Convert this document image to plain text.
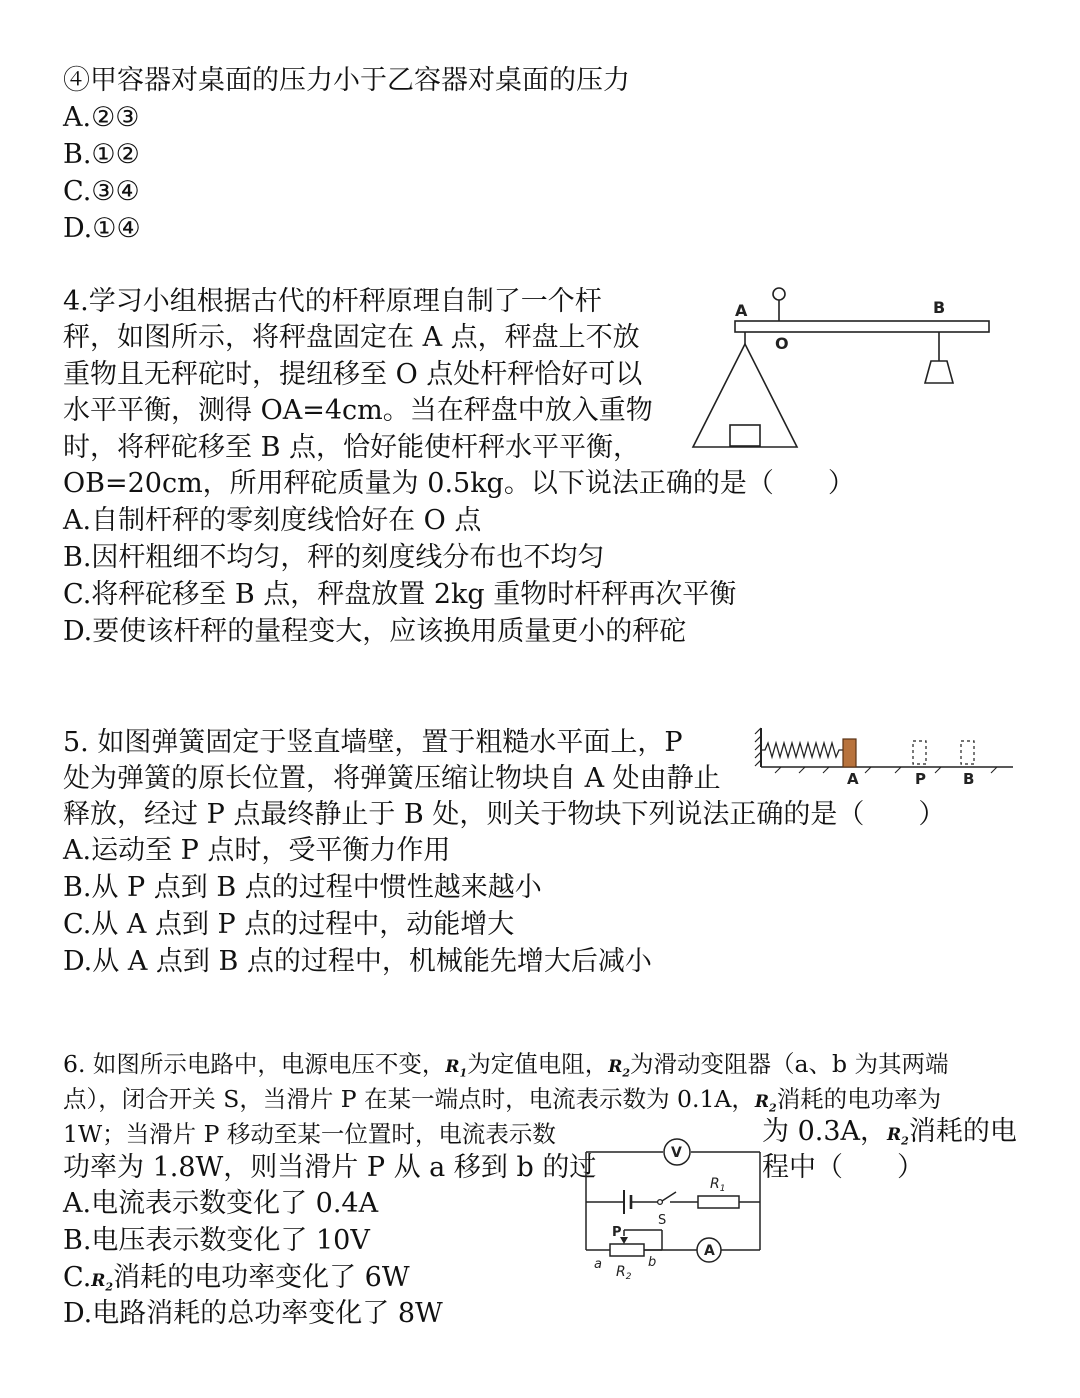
④甲容器对桌面的压力小于乙容器对桌面的压力
A.②③
B.①②
C.③④
D.①④
4.学习小组根据古代的杆秤原理自制了一个杆
秤，如图所示，将秤盘固定在 A 点，秤盘上不放
重物且无秤砣时，提纽移至 O 点处杆秤恰好可以
水平平衡，测得 OA=4cm。当在秤盘中放入重物
时，将秤砣移至 B 点，恰好能使杆秤水平平衡，
OB=20cm，所用秤砣质量为 0.5kg。以下说法正确的是（　　）
A.自制杆秤的零刻度线恰好在 O 点
B.因杆粗细不均匀，秤的刻度线分布也不均匀
C.将秤砣移至 B 点，秤盘放置 2kg 重物时杆秤再次平衡
D.要使该杆秤的量程变大，应该换用质量更小的秤砣
A
O
B
5. 如图弹簧固定于竖直墙壁，置于粗糙水平面上，P
处为弹簧的原长位置，将弹簧压缩让物块自 A 处由静止
释放，经过 P 点最终静止于 B 处，则关于物块下列说法正确的是（　　）
A.运动至 P 点时，受平衡力作用
B.从 P 点到 B 点的过程中惯性越来越小
C.从 A 点到 P 点的过程中，动能增大
D.从 A 点到 B 点的过程中，机械能先增大后减小
A	P B
6. 如图所示电路中，电源电压不变，$R_1$为定值电阻，$R_2$为滑动变阻器（a、b 为其两端
点），闭合开关 S，当滑片 P 在某一端点时，电流表示数为 0.1A，$R_2$消耗的电功率为
1W；当滑片 P 移动至某一位置时，电流表示数	为 0.3A，$R_2$消耗的电
功率为 1.8W，则当滑片 P 从 a 移到 b 的过	程中（　　）
A.电流表示数变化了 0.4A
B.电压表示数变化了 10V
$C.R_2$消耗的电功率变化了 6W
D.电路消耗的总功率变化了 8W
V
S
$R_1$
P
a	b
$R_2$
A
